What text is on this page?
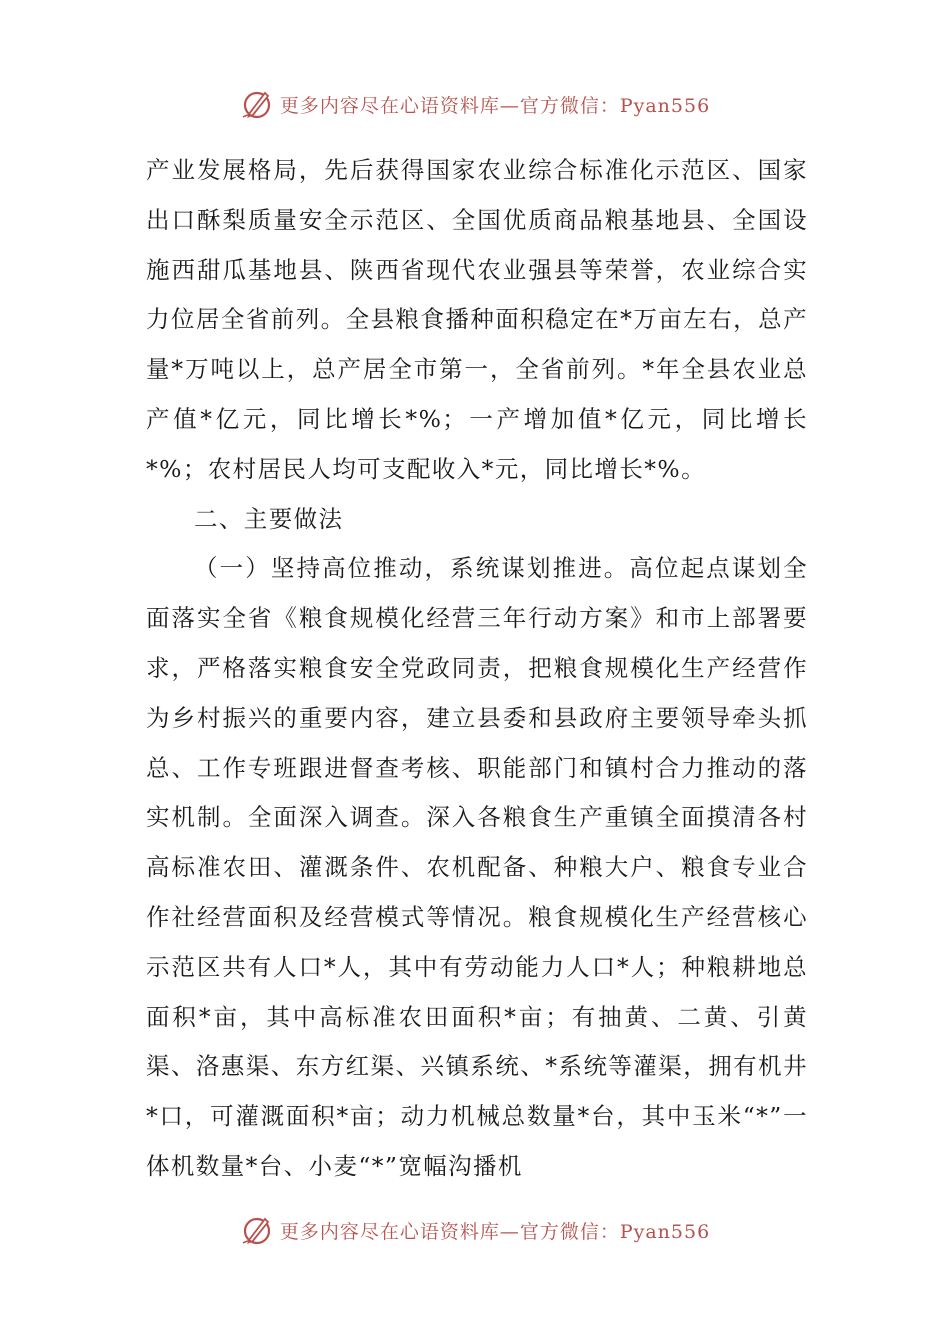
更多内容尽在心语资料库—官方微信：Pyan556

产业发展格局，先后获得国家农业综合标准化示范区、国家出口酥梨质量安全示范区、全国优质商品粮基地县、全国设施西甜瓜基地县、陕西省现代农业强县等荣誉，农业综合实力位居全省前列。全县粮食播种面积稳定在*万亩左右，总产量*万吨以上，总产居全市第一，全省前列。*年全县农业总产值*亿元，同比增长*%；一产增加值*亿元，同比增长*%；农村居民人均可支配收入*元，同比增长*%。

二、主要做法

（一）坚持高位推动，系统谋划推进。高位起点谋划全面落实全省《粮食规模化经营三年行动方案》和市上部署要求，严格落实粮食安全党政同责，把粮食规模化生产经营作为乡村振兴的重要内容，建立县委和县政府主要领导牵头抓总、工作专班跟进督查考核、职能部门和镇村合力推动的落实机制。全面深入调查。深入各粮食生产重镇全面摸清各村高标准农田、灌溉条件、农机配备、种粮大户、粮食专业合作社经营面积及经营模式等情况。粮食规模化生产经营核心示范区共有人口*人，其中有劳动能力人口*人；种粮耕地总面积*亩，其中高标准农田面积*亩；有抽黄、二黄、引黄渠、洛惠渠、东方红渠、兴镇系统、*系统等灌渠，拥有机井*口，可灌溉面积*亩；动力机械总数量*台，其中玉米“*”一体机数量*台、小麦“*”宽幅沟播机

更多内容尽在心语资料库—官方微信：Pyan556
